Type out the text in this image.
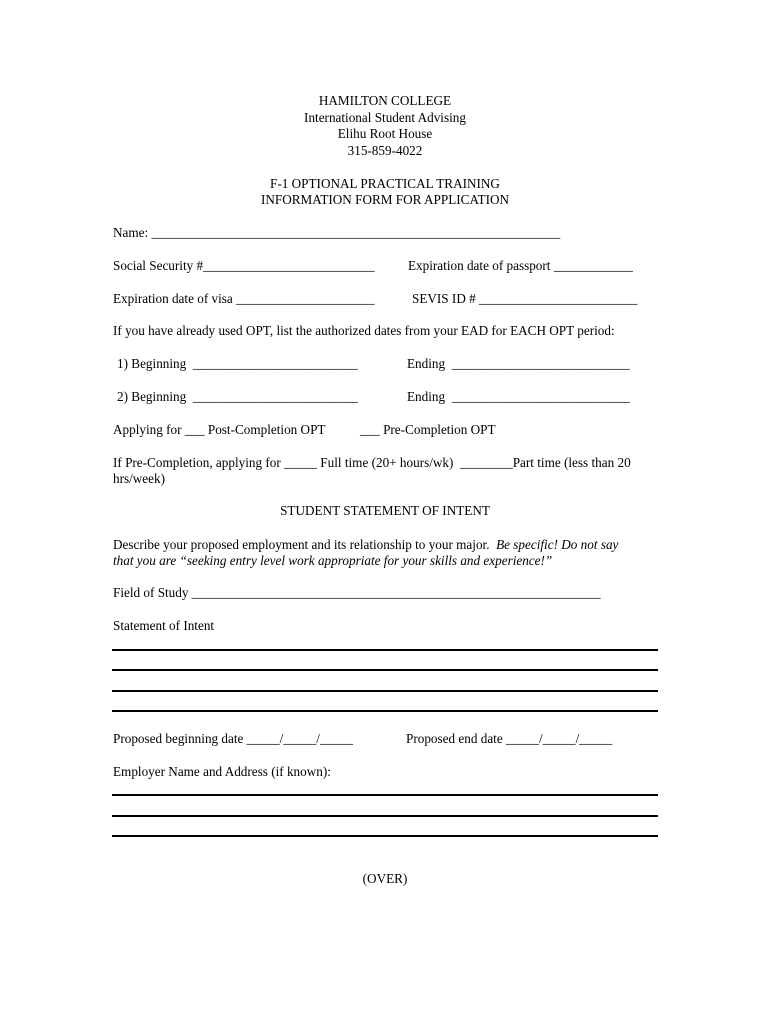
HAMILTON COLLEGE
International Student Advising
Elihu Root House
315-859-4022
F-1 OPTIONAL PRACTICAL TRAINING
INFORMATION FORM FOR APPLICATION
Name: ______________________________________________________________
Social Security #__________________________	Expiration date of passport ____________
Expiration date of visa _____________________	SEVIS ID # ________________________
If you have already used OPT, list the authorized dates from your EAD for EACH OPT period:
1) Beginning  _________________________	Ending  ___________________________
2) Beginning  _________________________	Ending  ___________________________
Applying for ___ Post-Completion OPT	___ Pre-Completion OPT
If Pre-Completion, applying for _____ Full time (20+ hours/wk)  ________Part time (less than 20
hrs/week)
STUDENT STATEMENT OF INTENT
Describe your proposed employment and its relationship to your major.  Be specific! Do not say
that you are “seeking entry level work appropriate for your skills and experience!”
Field of Study ______________________________________________________________
Statement of Intent
Proposed beginning date _____/_____/_____	Proposed end date _____/_____/_____
Employer Name and Address (if known):
(OVER)
